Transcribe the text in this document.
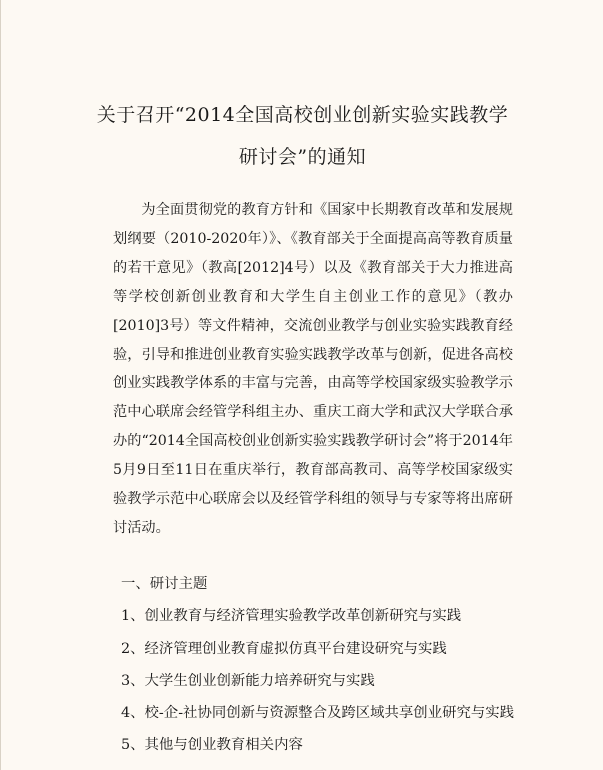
关于召开“2014全国高校创业创新实验实践教学
研讨会”的通知

为全面贯彻党的教育方针和《国家中长期教育改革和发展规划纲要（2010-2020年）》、《教育部关于全面提高高等教育质量的若干意见》（教高[2012]4号）以及《教育部关于大力推进高等学校创新创业教育和大学生自主创业工作的意见》（教办[2010]3号）等文件精神，交流创业教学与创业实验实践教育经验，引导和推进创业教育实验实践教学改革与创新，促进各高校创业实践教学体系的丰富与完善，由高等学校国家级实验教学示范中心联席会经管学科组主办、重庆工商大学和武汉大学联合承办的“2014全国高校创业创新实验实践教学研讨会”将于2014年5月9日至11日在重庆举行，教育部高教司、高等学校国家级实验教学示范中心联席会以及经管学科组的领导与专家等将出席研讨活动。

一、研讨主题
1、创业教育与经济管理实验教学改革创新研究与实践
2、经济管理创业教育虚拟仿真平台建设研究与实践
3、大学生创业创新能力培养研究与实践
4、校-企-社协同创新与资源整合及跨区域共享创业研究与实践
5、其他与创业教育相关内容
